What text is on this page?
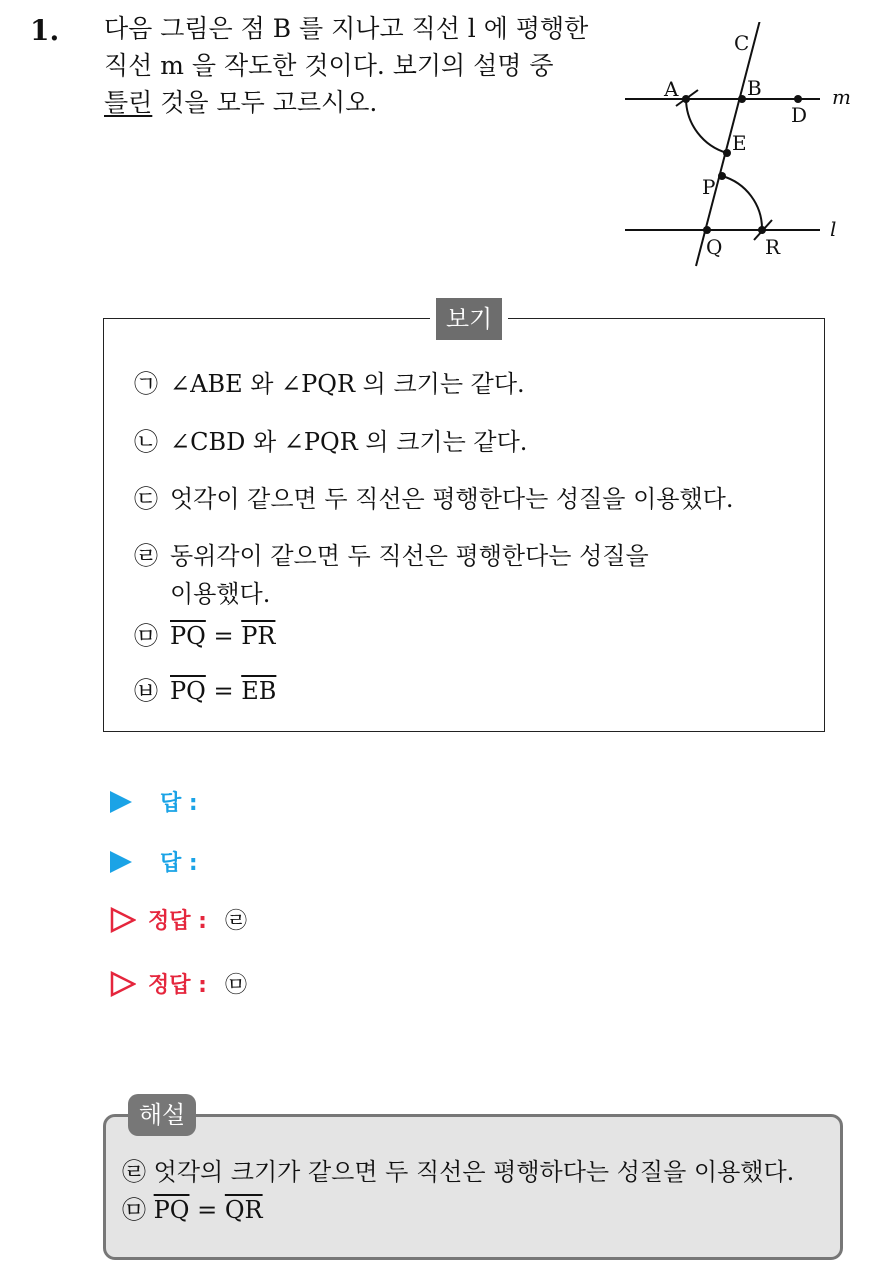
1. 다음 그림은 점 B 를 지나고 직선 l 에 평행한
직선 m 을 작도한 것이다. 보기의 설명 중
틀린 것을 모두 고르시오.
C
A	B
D
m
E
P
Q R
l
보기
㉠ ∠ABE 와 ∠PQR 의 크기는 같다.
㉡ ∠CBD 와 ∠PQR 의 크기는 같다.
㉢ 엇각이 같으면 두 직선은 평행한다는 성질을 이용했다.
㉣ 동위각이 같으면 두 직선은 평행한다는 성질을
이용했다.
㉤ $\overline{PQ} = \overline{PR}$
㉥ $\overline{PQ} = \overline{EB}$
답 :
답 :
정답 : ㉣
정답 : ㉤
해설
㉣ 엇각의 크기가 같으면 두 직선은 평행하다는 성질을 이용했다.
㉤ $\overline{PQ} = \overline{QR}$
